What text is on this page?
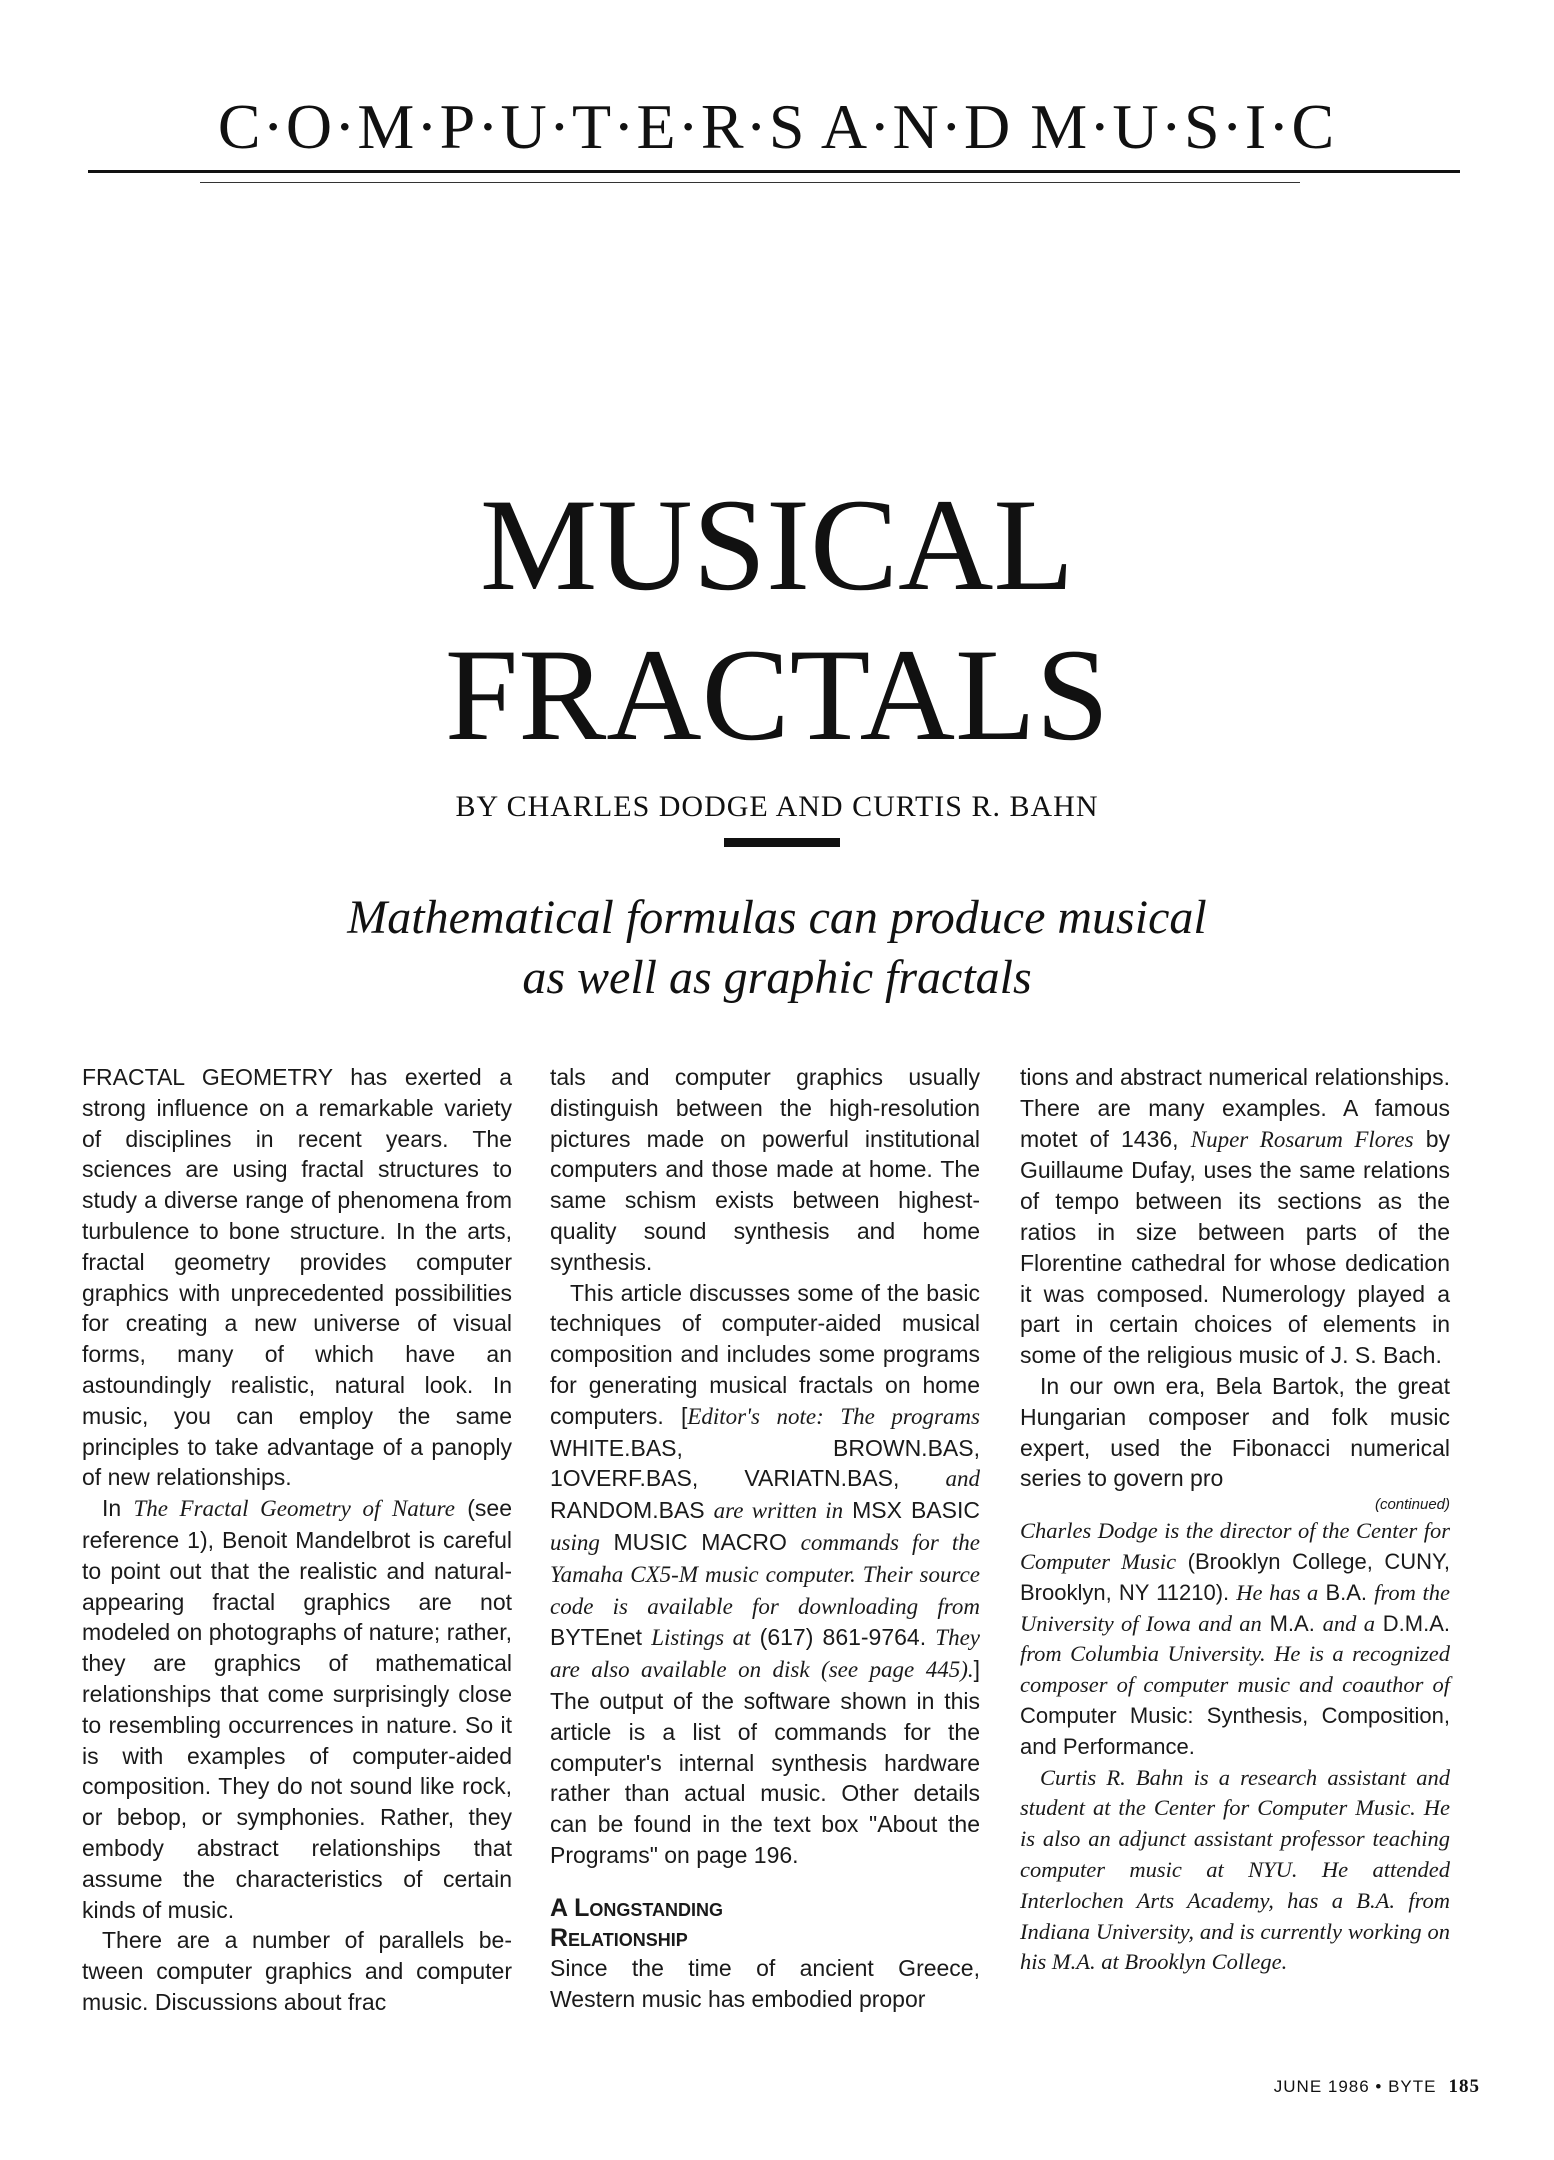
C·O·M·P·U·T·E·R·S A·N·D M·U·S·I·C
MUSICAL
FRACTALS
BY CHARLES DODGE AND CURTIS R. BAHN
Mathematical formulas can produce musical
as well as graphic fractals

FRACTAL GEOMETRY has exerted a strong influence on a remarkable variety of disciplines in recent years. The sciences are using fractal structures to study a diverse range of phenomena from turbulence to bone structure. In the arts, fractal geometry provides computer graphics with unprecedented possibilities for creating a new universe of visual forms, many of which have an astoundingly realistic, natural look. In music, you can employ the same principles to take advantage of a panoply of new relationships.

In The Fractal Geometry of Nature (see reference 1), Benoit Mandelbrot is careful to point out that the realistic and natural-appearing fractal graphics are not modeled on photographs of nature; rather, they are graphics of mathematical relationships that come surprisingly close to resembling occurrences in nature. So it is with examples of computer-aided composition. They do not sound like rock, or bebop, or symphonies. Rather, they embody abstract relationships that assume the characteristics of certain kinds of music.

There are a number of parallels between computer graphics and computer music. Discussions about frac

tals and computer graphics usually distinguish between the high-resolution pictures made on powerful institutional computers and those made at home. The same schism exists between highest-quality sound synthesis and home synthesis.

This article discusses some of the basic techniques of computer-aided musical composition and includes some programs for generating musical fractals on home computers. [Editor's note: The programs WHITE.BAS, BROWN.BAS, 1OVERF.BAS, VARIATN.BAS, and RANDOM.BAS are written in MSX BASIC using MUSIC MACRO commands for the Yamaha CX5-M music computer. Their source code is available for downloading from BYTEnet Listings at (617) 861-9764. They are also available on disk (see page 445).] The output of the software shown in this article is a list of commands for the computer's internal synthesis hardware rather than actual music. Other details can be found in the text box "About the Programs" on page 196.

A Longstanding
Relationship

Since the time of ancient Greece, Western music has embodied propor

tions and abstract numerical relationships. There are many examples. A famous motet of 1436, Nuper Rosarum Flores by Guillaume Dufay, uses the same relations of tempo between its sections as the ratios in size between parts of the Florentine cathedral for whose dedication it was composed. Numerology played a part in certain choices of elements in some of the religious music of J. S. Bach.

In our own era, Bela Bartok, the great Hungarian composer and folk music expert, used the Fibonacci numerical series to govern pro

(continued)

Charles Dodge is the director of the Center for Computer Music (Brooklyn College, CUNY, Brooklyn, NY 11210). He has a B.A. from the University of Iowa and an M.A. and a D.M.A. from Columbia University. He is a recognized composer of computer music and coauthor of Computer Music: Synthesis, Composition, and Performance.

Curtis R. Bahn is a research assistant and student at the Center for Computer Music. He is also an adjunct assistant professor teaching computer music at NYU. He attended Interlochen Arts Academy, has a B.A. from Indiana University, and is currently working on his M.A. at Brooklyn College.

JUNE 1986 • BYTE 185
